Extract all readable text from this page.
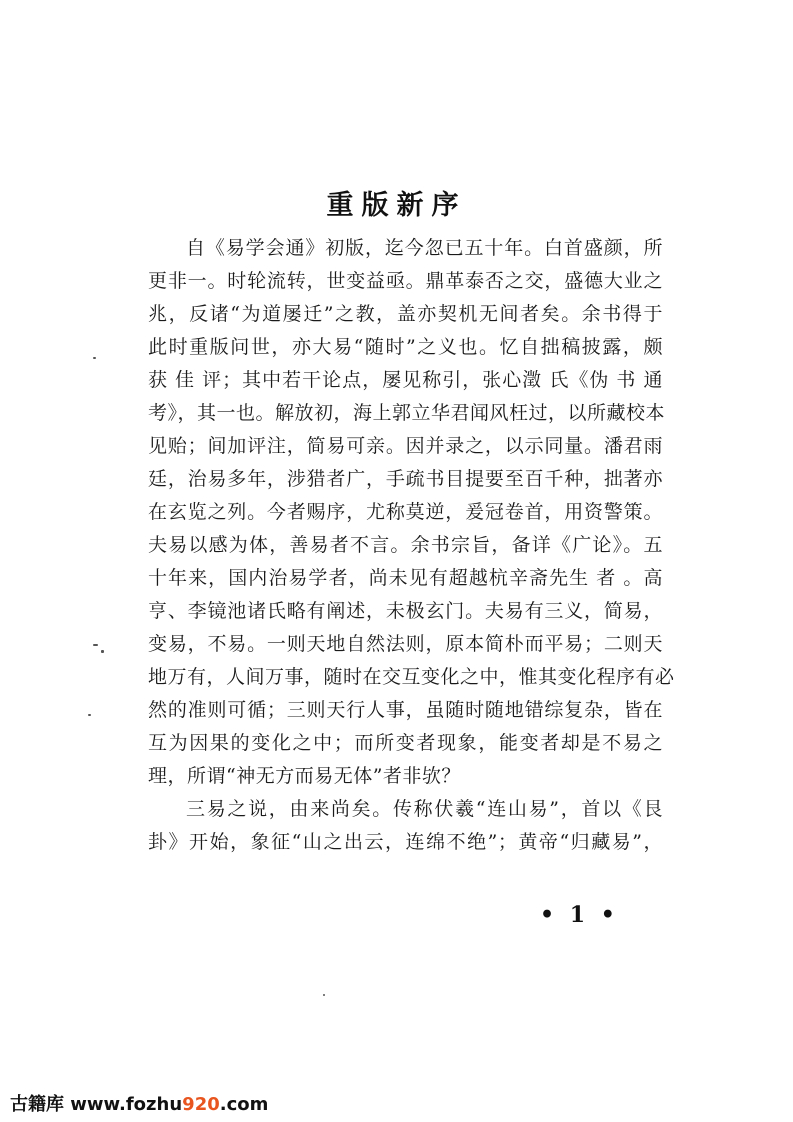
重版新序
自《易学会通》初版，迄今忽已五十年。白首盛颜，所
更非一。时轮流转，世变益亟。鼎革泰否之交，盛德大业之
兆，反诸“为道屡迁”之教，盖亦契机无间者矣。余书得于
此时重版问世，亦大易“随时”之义也。忆自拙稿披露，颇
获 佳 评；其中若干论点，屡见称引，张心澂 氏《伪 书 通
考》，其一也。解放初，海上郭立华君闻风枉过，以所藏校本
见贻；间加评注，简易可亲。因并录之，以示同量。潘君雨
廷，治易多年，涉猎者广，手疏书目提要至百千种，拙著亦
在玄览之列。今者赐序，尤称莫逆，爰冠卷首，用资警策。
夫易以感为体，善易者不言。余书宗旨，备详《广论》。五
十年来，国内治易学者，尚未见有超越杭辛斋先生 者 。高
亨、李镜池诸氏略有阐述，未极玄门。夫易有三义，简易，
变易，不易。一则天地自然法则，原本简朴而平易；二则天
地万有，人间万事，随时在交互变化之中，惟其变化程序有必
然的准则可循；三则天行人事，虽随时随地错综复杂，皆在
互为因果的变化之中；而所变者现象，能变者却是不易之
理，所谓“神无方而易无体”者非欤？
三易之说，由来尚矣。传称伏羲“连山易”，首以《艮
卦》开始，象征“山之出云，连绵不绝”；黄帝“归藏易”，
• 1 •
古籍库 www.fozhu920.com
